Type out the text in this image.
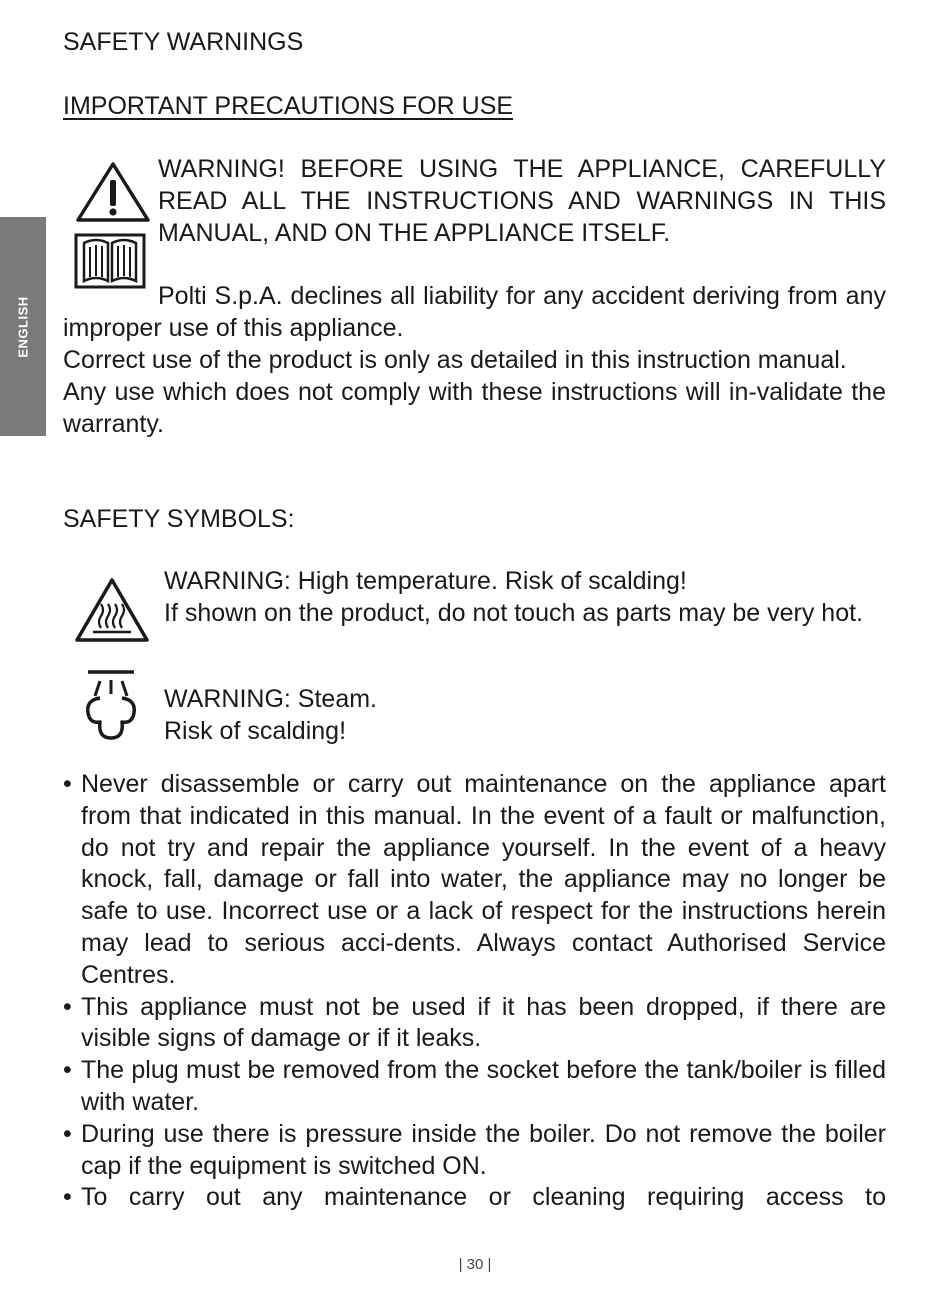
ENGLISH
SAFETY WARNINGS
IMPORTANT PRECAUTIONS FOR USE
WARNING! BEFORE USING THE APPLIANCE, CAREFULLY
READ ALL THE INSTRUCTIONS AND WARNINGS IN THIS
MANUAL, AND ON THE APPLIANCE ITSELF.
Polti S.p.A. declines all liability for any accident deriving from any improper use of this appliance.
Correct use of the product is only as detailed in this instruction manual.
Any use which does not comply with these instructions will in-validate the warranty.

SAFETY SYMBOLS:

WARNING: High temperature. Risk of scalding!
If shown on the product, do not touch as parts may be very hot.
WARNING: Steam.
Risk of scalding!
• Never disassemble or carry out maintenance on the appliance apart from that indicated in this manual. In the event of a fault or malfunction, do not try and repair the appliance yourself. In the event of a heavy knock, fall, damage or fall into water, the appliance may no longer be safe to use. Incorrect use or a lack of respect for the instructions herein may lead to serious acci-dents. Always contact Authorised Service Centres.
• This appliance must not be used if it has been dropped, if there are visible signs of damage or if it leaks.
• The plug must be removed from the socket before the tank/boiler is filled with water.
• During use there is pressure inside the boiler. Do not remove the boiler cap if the equipment is switched ON.
• To carry out any maintenance or cleaning requiring access to
| 30 |
